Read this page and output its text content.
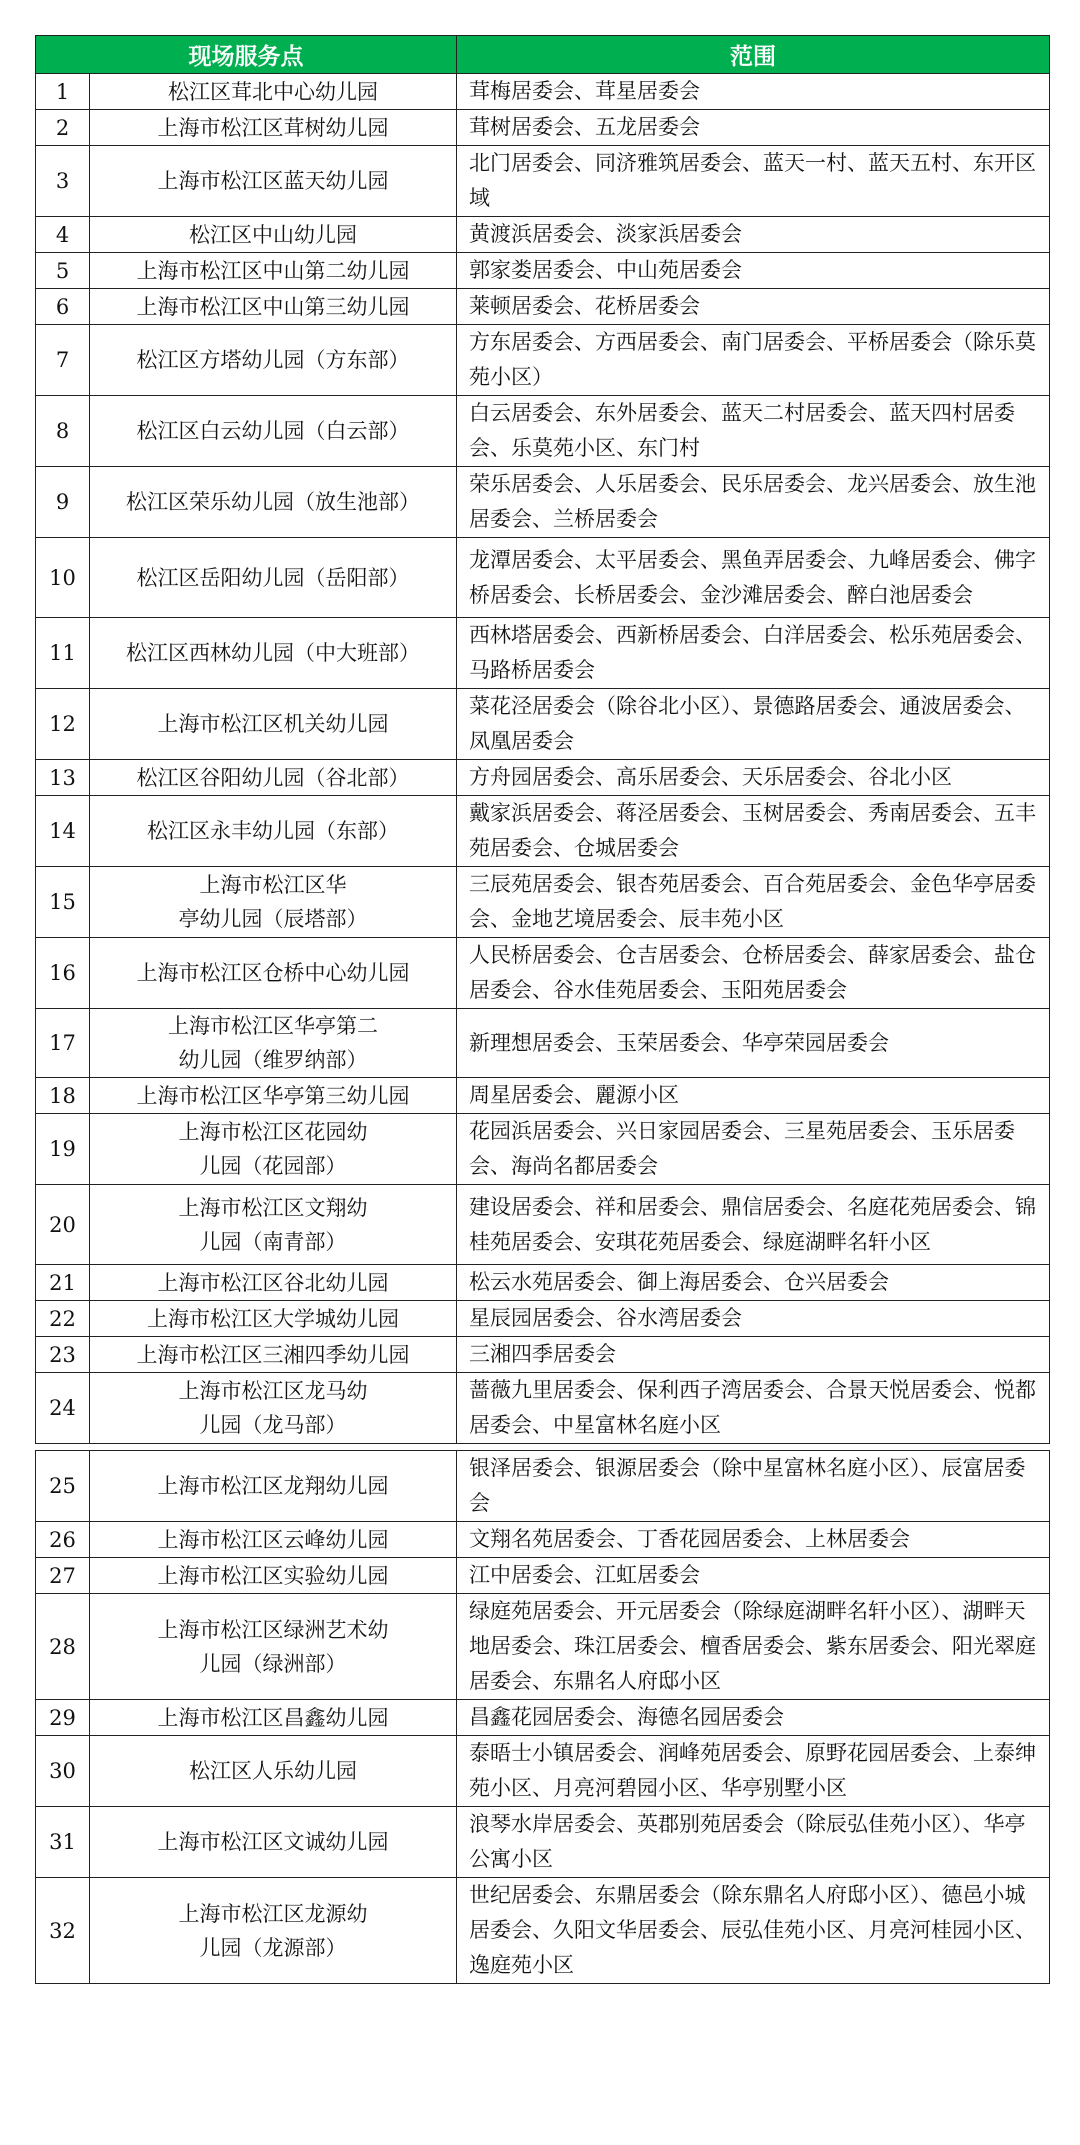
现场服务点		范围
1	松江区茸北中心幼儿园	茸梅居委会、茸星居委会
2	上海市松江区茸树幼儿园	茸树居委会、五龙居委会
3	上海市松江区蓝天幼儿园	北门居委会、同济雅筑居委会、蓝天一村、蓝天五村、东开区域
4	松江区中山幼儿园	黄渡浜居委会、淡家浜居委会
5	上海市松江区中山第二幼儿园	郭家娄居委会、中山苑居委会
6	上海市松江区中山第三幼儿园	莱顿居委会、花桥居委会
7	松江区方塔幼儿园（方东部）	方东居委会、方西居委会、南门居委会、平桥居委会（除乐莫苑小区）
8	松江区白云幼儿园（白云部）	白云居委会、东外居委会、蓝天二村居委会、蓝天四村居委会、乐莫苑小区、东门村
9	松江区荣乐幼儿园（放生池部）	荣乐居委会、人乐居委会、民乐居委会、龙兴居委会、放生池居委会、兰桥居委会
10	松江区岳阳幼儿园（岳阳部）	龙潭居委会、太平居委会、黑鱼弄居委会、九峰居委会、佛字桥居委会、长桥居委会、金沙滩居委会、醉白池居委会
11	松江区西林幼儿园（中大班部）	西林塔居委会、西新桥居委会、白洋居委会、松乐苑居委会、马路桥居委会
12	上海市松江区机关幼儿园	菜花泾居委会（除谷北小区）、景德路居委会、通波居委会、凤凰居委会
13	松江区谷阳幼儿园（谷北部）	方舟园居委会、高乐居委会、天乐居委会、谷北小区
14	松江区永丰幼儿园（东部）	戴家浜居委会、蒋泾居委会、玉树居委会、秀南居委会、五丰苑居委会、仓城居委会
15	上海市松江区华
亭幼儿园（辰塔部）	三辰苑居委会、银杏苑居委会、百合苑居委会、金色华亭居委会、金地艺境居委会、辰丰苑小区
16	上海市松江区仓桥中心幼儿园	人民桥居委会、仓吉居委会、仓桥居委会、薛家居委会、盐仓居委会、谷水佳苑居委会、玉阳苑居委会
17	上海市松江区华亭第二
幼儿园（维罗纳部）	新理想居委会、玉荣居委会、华亭荣园居委会
18	上海市松江区华亭第三幼儿园	周星居委会、麗源小区
19	上海市松江区花园幼
儿园（花园部）	花园浜居委会、兴日家园居委会、三星苑居委会、玉乐居委会、海尚名都居委会
20	上海市松江区文翔幼
儿园（南青部）	建设居委会、祥和居委会、鼎信居委会、名庭花苑居委会、锦桂苑居委会、安琪花苑居委会、绿庭湖畔名轩小区
21	上海市松江区谷北幼儿园	松云水苑居委会、御上海居委会、仓兴居委会
22	上海市松江区大学城幼儿园	星辰园居委会、谷水湾居委会
23	上海市松江区三湘四季幼儿园	三湘四季居委会
24	上海市松江区龙马幼
儿园（龙马部）	蔷薇九里居委会、保利西子湾居委会、合景天悦居委会、悦都居委会、中星富林名庭小区

25	上海市松江区龙翔幼儿园	银泽居委会、银源居委会（除中星富林名庭小区）、辰富居委会
26	上海市松江区云峰幼儿园	文翔名苑居委会、丁香花园居委会、上林居委会
27	上海市松江区实验幼儿园	江中居委会、江虹居委会
28	上海市松江区绿洲艺术幼
儿园（绿洲部）	绿庭苑居委会、开元居委会（除绿庭湖畔名轩小区）、湖畔天地居委会、珠江居委会、檀香居委会、紫东居委会、阳光翠庭居委会、东鼎名人府邸小区
29	上海市松江区昌鑫幼儿园	昌鑫花园居委会、海德名园居委会
30	松江区人乐幼儿园	泰晤士小镇居委会、润峰苑居委会、原野花园居委会、上泰绅苑小区、月亮河碧园小区、华亭别墅小区
31	上海市松江区文诚幼儿园	浪琴水岸居委会、英郡别苑居委会（除辰弘佳苑小区）、华亭公寓小区
32	上海市松江区龙源幼
儿园（龙源部）	世纪居委会、东鼎居委会（除东鼎名人府邸小区）、德邑小城居委会、久阳文华居委会、辰弘佳苑小区、月亮河桂园小区、逸庭苑小区
